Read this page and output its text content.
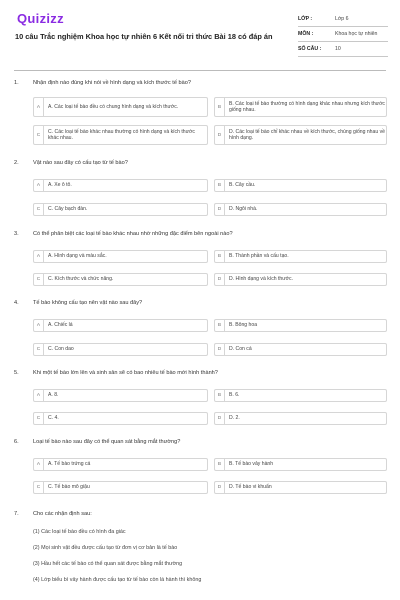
Quizizz
10 câu Trắc nghiệm Khoa học tự nhiên 6 Kết nối tri thức Bài 18 có đáp án
LỚP :	Lớp 6
MÔN :	Khoa học tự nhiên
SỐ CÂU :	10
1.	Nhận định nào đúng khi nói về hình dạng và kích thước tế bào?
A	A. Các loại tế bào đều có chung hình dạng và kích thước.	B
B. Các loại tế bào thường có hình dạng khác nhau nhưng kích thước giống nhau.
C
C. Các loại tế bào khác nhau thường có hình dạng và kích thước khác nhau.	D
D. Các loại tế bào chỉ khác nhau về kích thước, chúng giống nhau về hình dạng.
2.	Vật nào sau đây có cấu tạo từ tế bào?
A	A. Xe ô tô.	B	B. Cây cầu.
C	C. Cây bạch đàn.	D	D. Ngôi nhà.
3.	Có thể phân biệt các loại tế bào khác nhau nhờ những đặc điểm bên ngoài nào?
A	A. Hình dạng và màu sắc.	B	B. Thành phần và cấu tạo.
C	C. Kích thước và chức năng.	D	D. Hình dạng và kích thước.
4.	Tế bào không cấu tạo nên vật nào sau đây?
A	A. Chiếc lá	B	B. Bông hoa
C	C. Con dao	D	D. Con cá
5.	Khi một tế bào lớn lên và sinh sản sẽ có bao nhiêu tế bào mới hình thành?
A	A. 8.	B	B. 6.
C	C. 4.	D	D. 2.
6.	Loại tế bào nào sau đây có thể quan sát bằng mắt thường?
A	A. Tế bào trứng cá	B	B. Tế bào vảy hành
C	C. Tế bào mô giậu	D	D. Tế bào vi khuẩn
7.	Cho các nhận định sau:
(1) Các loại tế bào đều có hình đa giác
(2) Mọi sinh vật đều được cấu tạo từ đơn vị cơ bản là tế bào
(3) Hầu hết các tế bào có thể quan sát được bằng mắt thường
(4) Lớp biểu bì vảy hành được cấu tạo từ tế bào còn lá hành thì không
